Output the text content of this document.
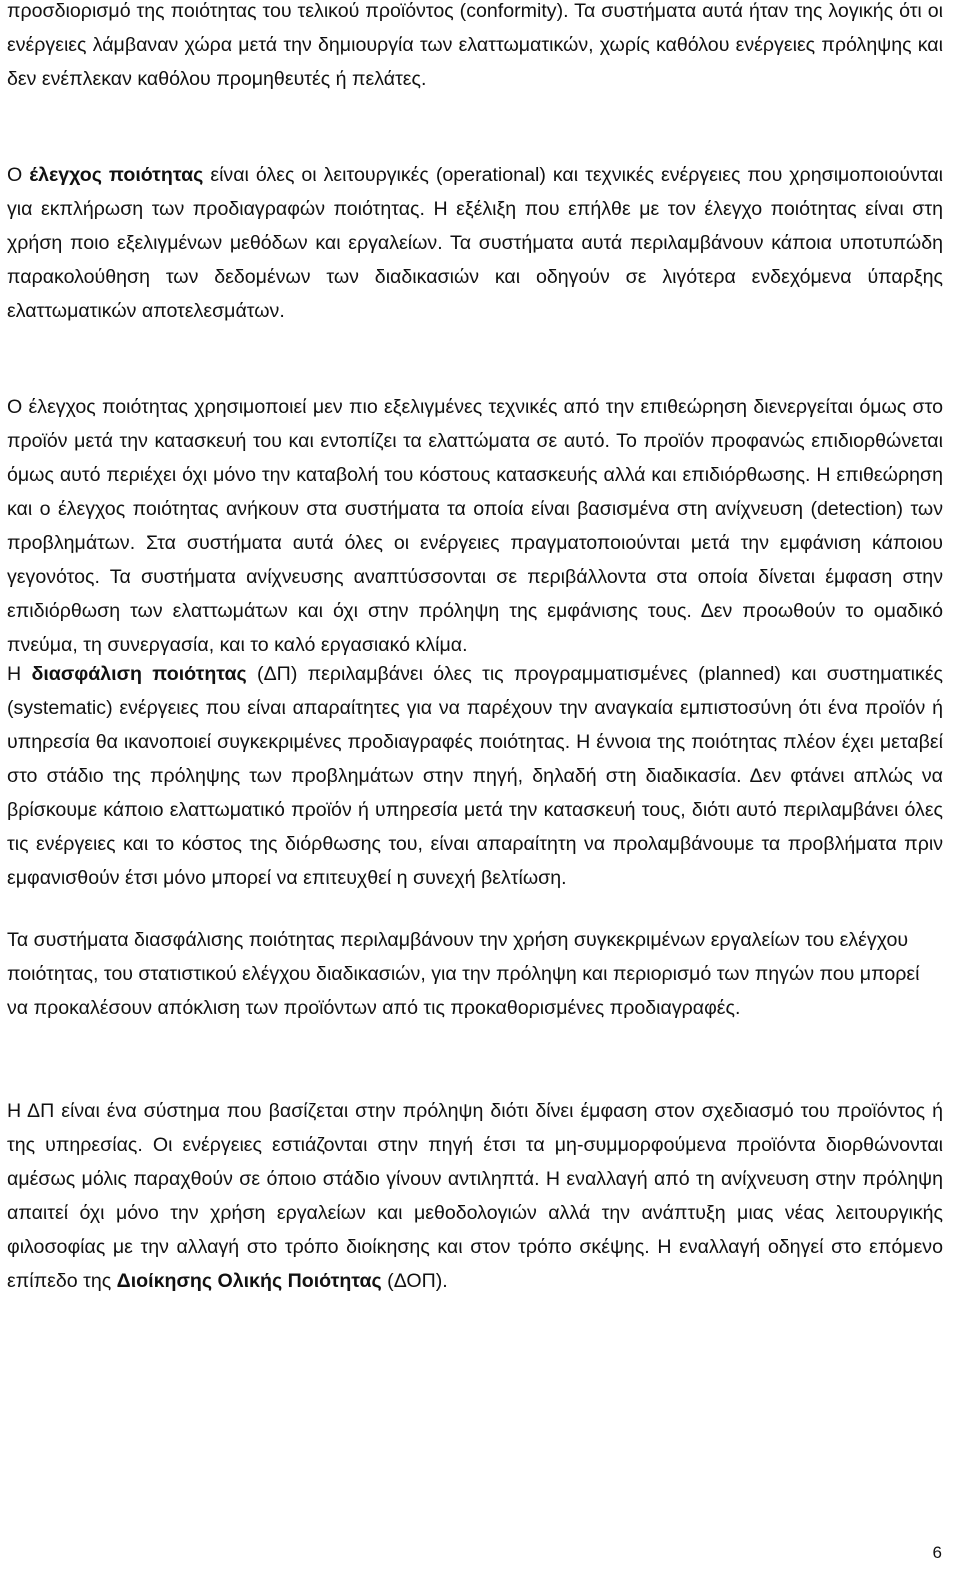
προσδιορισμό της ποιότητας του τελικού προϊόντος (conformity). Τα συστήματα αυτά ήταν της λογικής ότι οι ενέργειες λάμβαναν χώρα μετά την δημιουργία των ελαττωματικών, χωρίς καθόλου ενέργειες πρόληψης και δεν ενέπλεκαν καθόλου προμηθευτές ή πελάτες.

Ο έλεγχος ποιότητας είναι όλες οι λειτουργικές (operational) και τεχνικές ενέργειες που χρησιμοποιούνται για εκπλήρωση των προδιαγραφών ποιότητας. Η εξέλιξη που επήλθε με τον έλεγχο ποιότητας είναι στη χρήση ποιο εξελιγμένων μεθόδων και εργαλείων. Τα συστήματα αυτά περιλαμβάνουν κάποια υποτυπώδη παρακολούθηση των δεδομένων των διαδικασιών και οδηγούν σε λιγότερα ενδεχόμενα ύπαρξης ελαττωματικών αποτελεσμάτων.

Ο έλεγχος ποιότητας χρησιμοποιεί μεν πιο εξελιγμένες τεχνικές από την επιθεώρηση διενεργείται όμως στο προϊόν μετά την κατασκευή του και εντοπίζει τα ελαττώματα σε αυτό. Το προϊόν προφανώς επιδιορθώνεται όμως αυτό περιέχει όχι μόνο την καταβολή του κόστους κατασκευής αλλά και επιδιόρθωσης. Η επιθεώρηση και ο έλεγχος ποιότητας ανήκουν στα συστήματα τα οποία είναι βασισμένα στη ανίχνευση (detection) των προβλημάτων. Στα συστήματα αυτά όλες οι ενέργειες πραγματοποιούνται μετά την εμφάνιση κάποιου γεγονότος. Τα συστήματα ανίχνευσης αναπτύσσονται σε περιβάλλοντα στα οποία δίνεται έμφαση στην επιδιόρθωση των ελαττωμάτων και όχι στην πρόληψη της εμφάνισης τους. Δεν προωθούν το ομαδικό πνεύμα, τη συνεργασία, και το καλό εργασιακό κλίμα.

Η διασφάλιση ποιότητας (ΔΠ) περιλαμβάνει όλες τις προγραμματισμένες (planned) και συστηματικές (systematic) ενέργειες που είναι απαραίτητες για να παρέχουν την αναγκαία εμπιστοσύνη ότι ένα προϊόν ή υπηρεσία θα ικανοποιεί συγκεκριμένες προδιαγραφές ποιότητας. Η έννοια της ποιότητας πλέον έχει μεταβεί στο στάδιο της πρόληψης των προβλημάτων στην πηγή, δηλαδή στη διαδικασία. Δεν φτάνει απλώς να βρίσκουμε κάποιο ελαττωματικό προϊόν ή υπηρεσία μετά την κατασκευή τους, διότι αυτό περιλαμβάνει όλες τις ενέργειες και το κόστος της διόρθωσης του, είναι απαραίτητη να προλαμβάνουμε τα προβλήματα πριν εμφανισθούν έτσι μόνο μπορεί να επιτευχθεί η συνεχή βελτίωση.

Τα συστήματα διασφάλισης ποιότητας περιλαμβάνουν την χρήση συγκεκριμένων εργαλείων του ελέγχου ποιότητας, του στατιστικού ελέγχου διαδικασιών, για την πρόληψη και περιορισμό των πηγών που μπορεί να προκαλέσουν απόκλιση των προϊόντων από τις προκαθορισμένες προδιαγραφές.

Η ΔΠ είναι ένα σύστημα που βασίζεται στην πρόληψη διότι δίνει έμφαση στον σχεδιασμό του προϊόντος ή της υπηρεσίας. Οι ενέργειες εστιάζονται στην πηγή έτσι τα μη-συμμορφούμενα προϊόντα διορθώνονται αμέσως μόλις παραχθούν σε όποιο στάδιο γίνουν αντιληπτά. Η εναλλαγή από τη ανίχνευση στην πρόληψη απαιτεί όχι μόνο την χρήση εργαλείων και μεθοδολογιών αλλά την ανάπτυξη μιας νέας λειτουργικής φιλοσοφίας με την αλλαγή στο τρόπο διοίκησης και στον τρόπο σκέψης. Η εναλλαγή οδηγεί στο επόμενο επίπεδο της Διοίκησης Ολικής Ποιότητας (ΔΟΠ).

6
